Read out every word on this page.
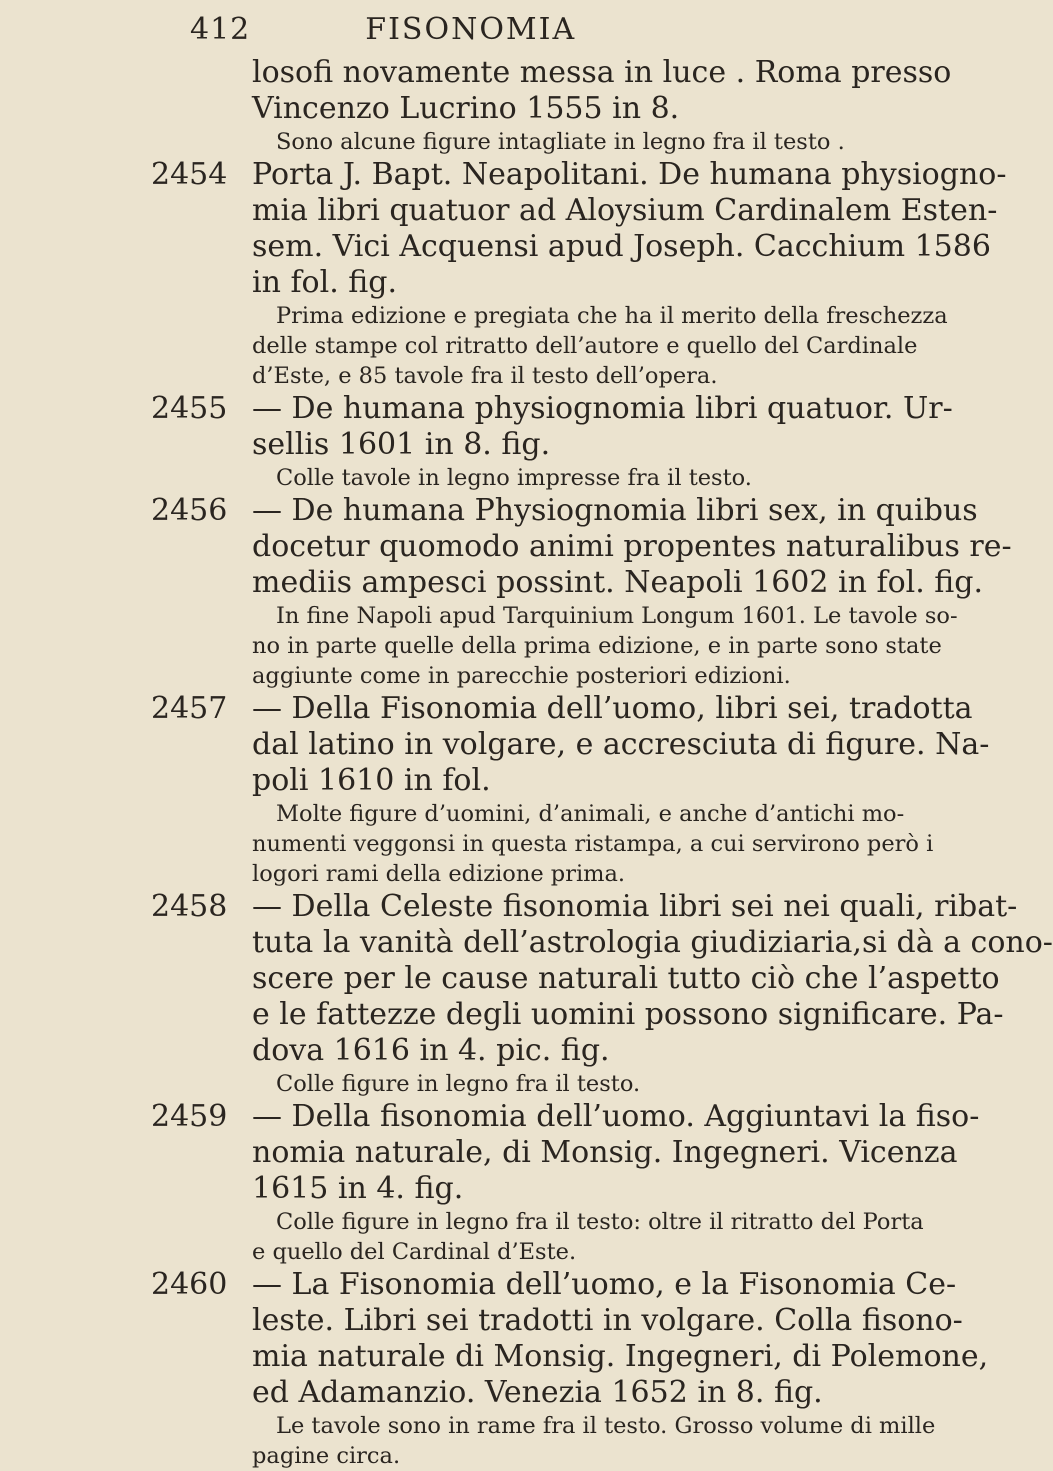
412	FISONOMIA
losofi novamente messa in luce . Roma presso
Vincenzo Lucrino 1555 in 8.
Sono alcune figure intagliate in legno fra il testo .
2454 Porta J. Bapt. Neapolitani. De humana physiogno-
mia libri quatuor ad Aloysium Cardinalem Esten-
sem. Vici Acquensi apud Joseph. Cacchium 1586
in fol. fig.
Prima edizione e pregiata che ha il merito della freschezza
delle stampe col ritratto dell’autore e quello del Cardinale
d’Este, e 85 tavole fra il testo dell’opera.
2455 — De humana physiognomia libri quatuor. Ur-
sellis 1601 in 8. fig.
Colle tavole in legno impresse fra il testo.
2456 — De humana Physiognomia libri sex, in quibus
docetur quomodo animi propentes naturalibus re-
mediis ampesci possint. Neapoli 1602 in fol. fig.
In fine Napoli apud Tarquinium Longum 1601. Le tavole so-
no in parte quelle della prima edizione, e in parte sono state
aggiunte come in parecchie posteriori edizioni.
2457 — Della Fisonomia dell’uomo, libri sei, tradotta
dal latino in volgare, e accresciuta di figure. Na-
poli 1610 in fol.
Molte figure d’uomini, d’animali, e anche d’antichi mo-
numenti veggonsi in questa ristampa, a cui servirono però i
logori rami della edizione prima.
2458 — Della Celeste fisonomia libri sei nei quali, ribat-
tuta la vanità dell’astrologia giudiziaria,si dà a cono-
scere per le cause naturali tutto ciò che l’aspetto
e le fattezze degli uomini possono significare. Pa-
dova 1616 in 4. pic. fig.
Colle figure in legno fra il testo.
2459 — Della fisonomia dell’uomo. Aggiuntavi la fiso-
nomia naturale, di Monsig. Ingegneri. Vicenza
1615 in 4. fig.
Colle figure in legno fra il testo: oltre il ritratto del Porta
e quello del Cardinal d’Este.
2460 — La Fisonomia dell’uomo, e la Fisonomia Ce-
leste. Libri sei tradotti in volgare. Colla fisono-
mia naturale di Monsig. Ingegneri, di Polemone,
ed Adamanzio. Venezia 1652 in 8. fig.
Le tavole sono in rame fra il testo. Grosso volume di mille
pagine circa.
